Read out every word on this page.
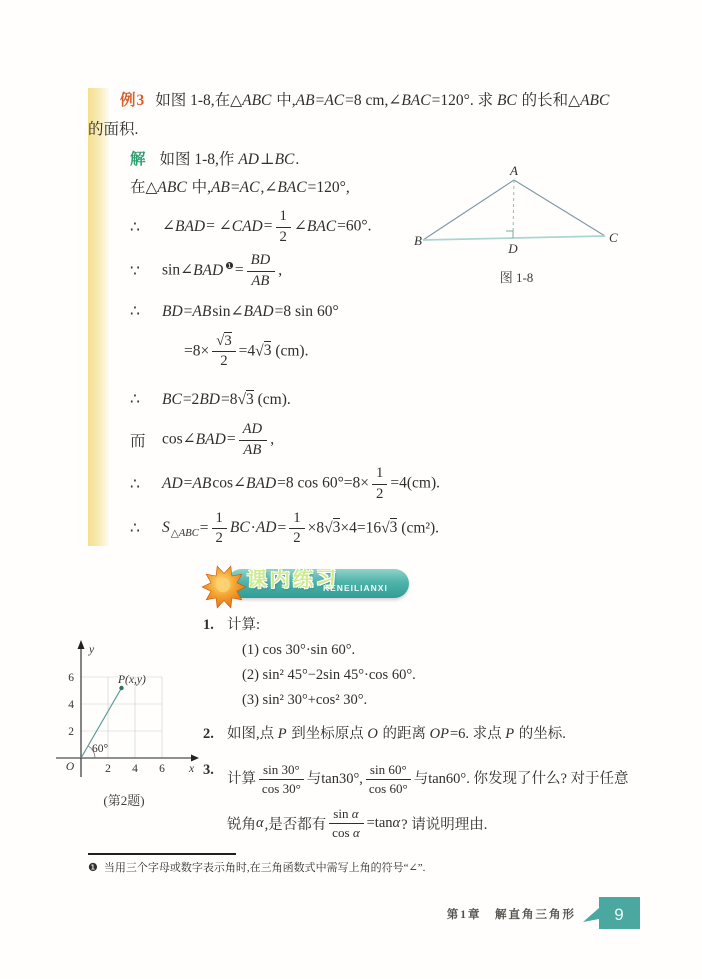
例3 如图 1-8,在△ABC 中,AB=AC=8 cm,∠BAC=120°. 求 BC 的长和△ABC 的面积.

解 如图 1-8,作 AD⊥BC.

在△ABC 中,AB=AC,∠BAC=120°,

∴	∠BAD= ∠CAD= $\frac{1}{2}$ ∠BAC=60°.
∵	sin∠BAD $^❶= \frac{BD}{AB}$ ,
∴	BD=ABsin∠BAD=8 sin 60°
$=8\times \frac{√3}{2} =4√3$ (cm).
∴	BC=2BD=8√3 (cm).
而	cos∠BAD= $\frac{AD}{AB}$ ,
∴	AD=ABcos∠BAD=8 $\cos 60^\circ=8\times \frac{1}{2} =4(cm)$.
∴	$S_{\triangle ABC}= \frac{1}{2} BC\cdot AD= \frac{1}{2} \times 8√3\times 4=16√3$ (cm²).
A
B	C
D
图 1-8
课内练习
KENEILIANXI
1. 计算:
(1) cos 30°·sin 60°.
(2) sin² 45°−2sin 45°·cos 60°.
(3) sin² 30°+cos² 30°.
2. 如图,点 P 到坐标原点 O 的距离 OP=6. 求点 P 的坐标.
3.
计算 $\frac{\sin 30^\circ}{\cos 30^\circ}$ 与 tan 30°, $\frac{\sin 60^\circ}{\cos 60^\circ}$ 与 tan 60°. 你发现了什么? 对于任意
锐角 α ,是否都有 $\frac{\text{sin α}}{\text{cos α}} = \tan \alpha$ ? 请说明理由.
y
x
O
6
4
2
2 4 6
P(x,y)
60°
(第2题)
❶ 当用三个字母或数字表示角时,在三角函数式中需写上角的符号“∠”.
第1章　解直角三角形 9
